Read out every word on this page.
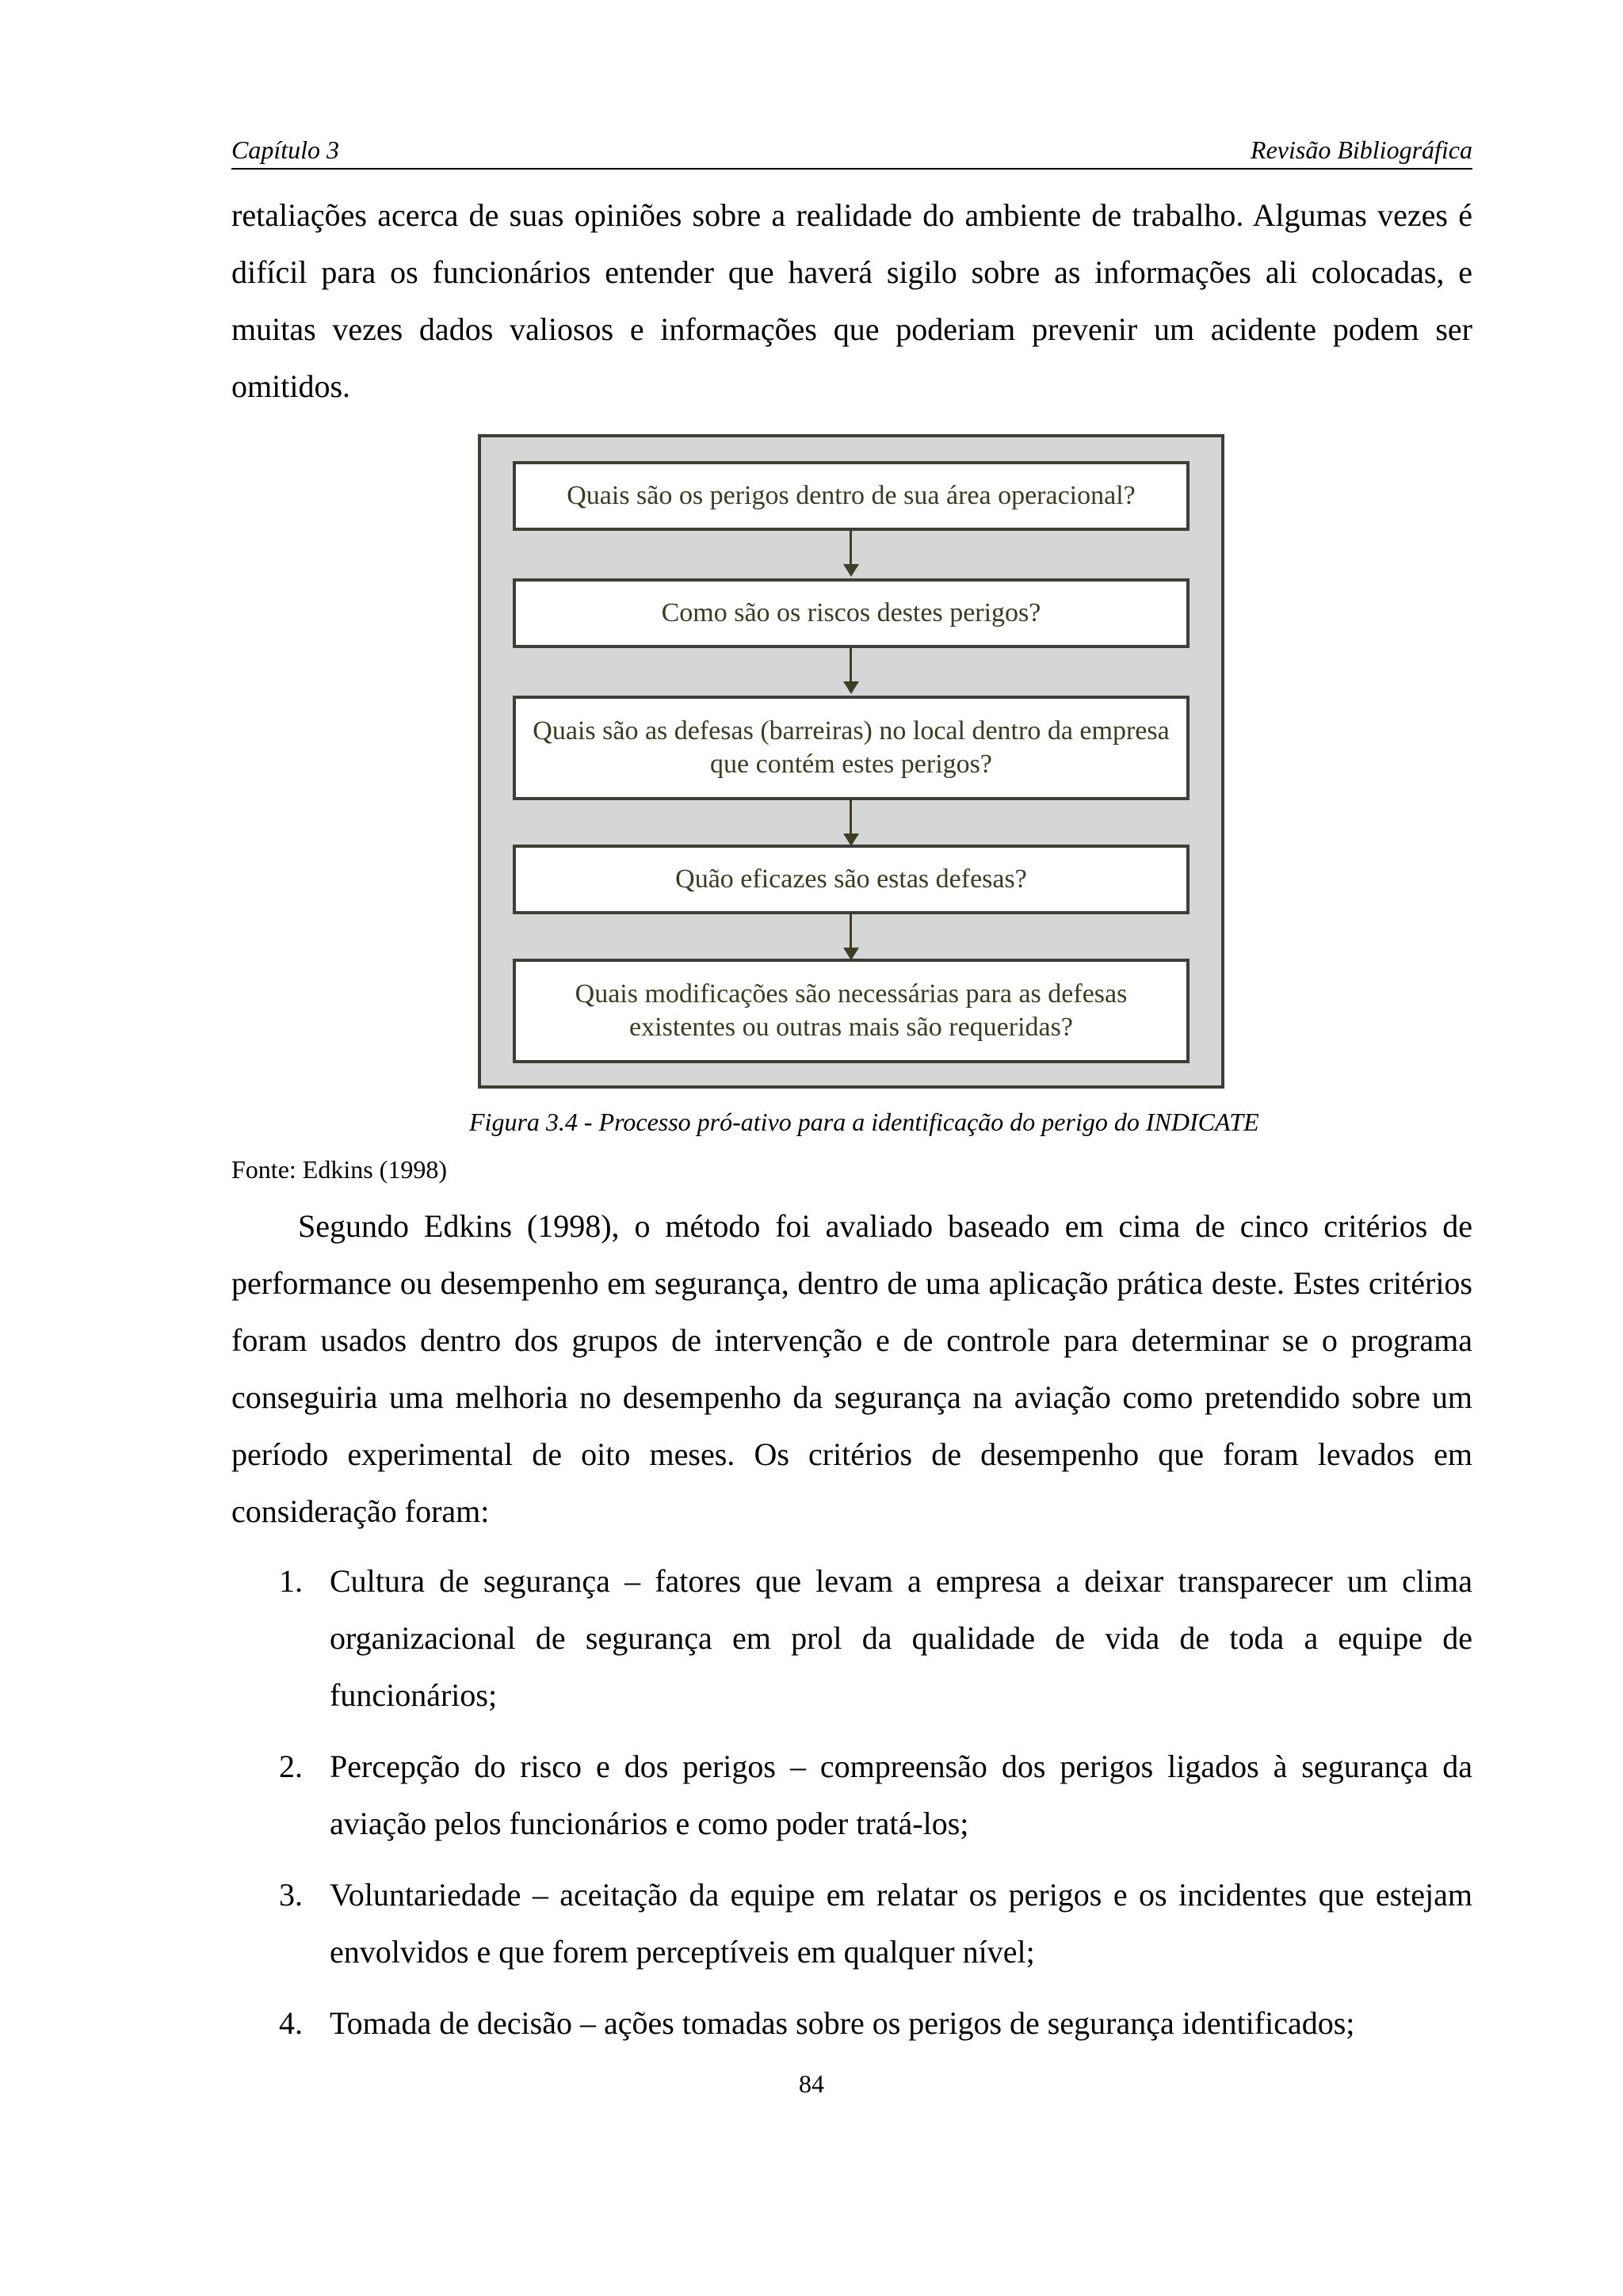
Capítulo 3	Revisão Bibliográfica
retaliações acerca de suas opiniões sobre a realidade do ambiente de trabalho. Algumas vezes é difícil para os funcionários entender que haverá sigilo sobre as informações ali colocadas, e muitas vezes dados valiosos e informações que poderiam prevenir um acidente podem ser omitidos.
Quais são os perigos dentro de sua área operacional?
Como são os riscos destes perigos?
Quais são as defesas (barreiras) no local dentro da empresa que contém estes perigos?
Quão eficazes são estas defesas?
Quais modificações são necessárias para as defesas existentes ou outras mais são requeridas?
Figura 3.4 - Processo pró-ativo para a identificação do perigo do INDICATE
Fonte: Edkins (1998)
Segundo Edkins (1998), o método foi avaliado baseado em cima de cinco critérios de performance ou desempenho em segurança, dentro de uma aplicação prática deste. Estes critérios foram usados dentro dos grupos de intervenção e de controle para determinar se o programa conseguiria uma melhoria no desempenho da segurança na aviação como pretendido sobre um período experimental de oito meses. Os critérios de desempenho que foram levados em consideração foram:
1. Cultura de segurança – fatores que levam a empresa a deixar transparecer um clima organizacional de segurança em prol da qualidade de vida de toda a equipe de funcionários;
2. Percepção do risco e dos perigos – compreensão dos perigos ligados à segurança da aviação pelos funcionários e como poder tratá-los;
3. Voluntariedade – aceitação da equipe em relatar os perigos e os incidentes que estejam envolvidos e que forem perceptíveis em qualquer nível;
4. Tomada de decisão – ações tomadas sobre os perigos de segurança identificados;
84
